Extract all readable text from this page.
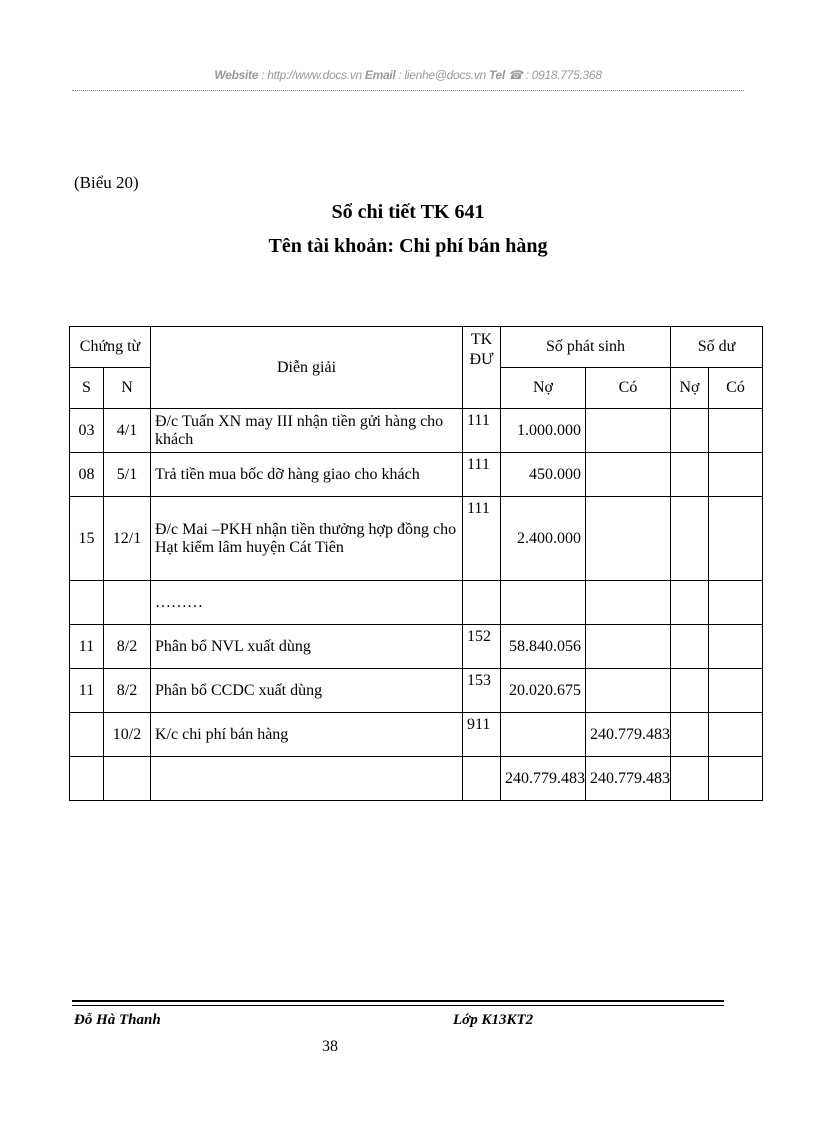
Website : http://www.docs.vn Email : lienhe@docs.vn Tel ☎ : 0918.775.368
(Biểu 20)
Sổ chi tiết TK 641
Tên tài khoản: Chi phí bán hàng
Chứng từ		Diễn giải	TK ĐƯ	Số phát sinh		Số dư	
S	N			Nợ	Có	Nợ	Có
03	4/1	Đ/c Tuấn XN may III nhận tiền gửi hàng cho khách	111	1.000.000			
08	5/1	Trả tiền mua bốc dỡ hàng giao cho khách	111	450.000			
15	12/1	Đ/c Mai –PKH nhận tiền thưởng hợp đồng cho Hạt kiểm lâm huyện Cát Tiên	111	2.400.000			
		………					
11	8/2	Phân bổ NVL xuất dùng	152	58.840.056			
11	8/2	Phân bổ CCDC xuất dùng	153	20.020.675			
	10/2	K/c chi phí bán hàng	911		240.779.483		
				240.779.483	240.779.483		
Đỗ Hà Thanh	Lớp K13KT2
38
